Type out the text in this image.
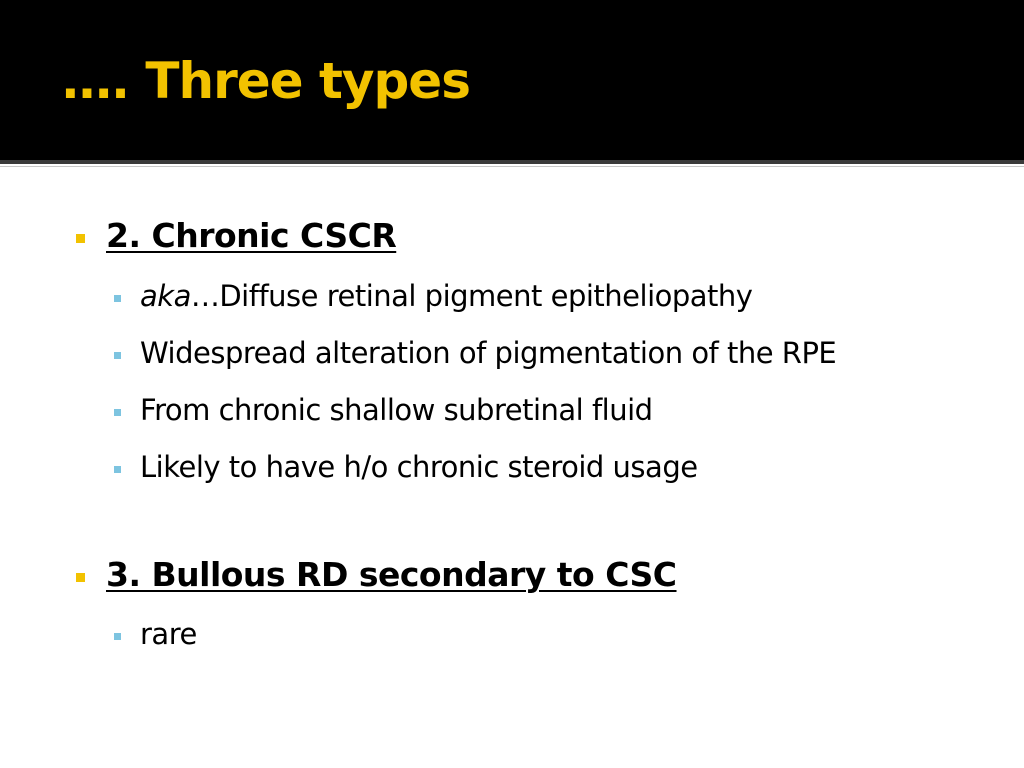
…. Three types
2. Chronic CSCR
aka…Diffuse retinal pigment epitheliopathy
Widespread alteration of pigmentation of the RPE
From chronic shallow subretinal fluid
Likely to have h/o chronic steroid usage
3. Bullous RD secondary to CSC
rare
